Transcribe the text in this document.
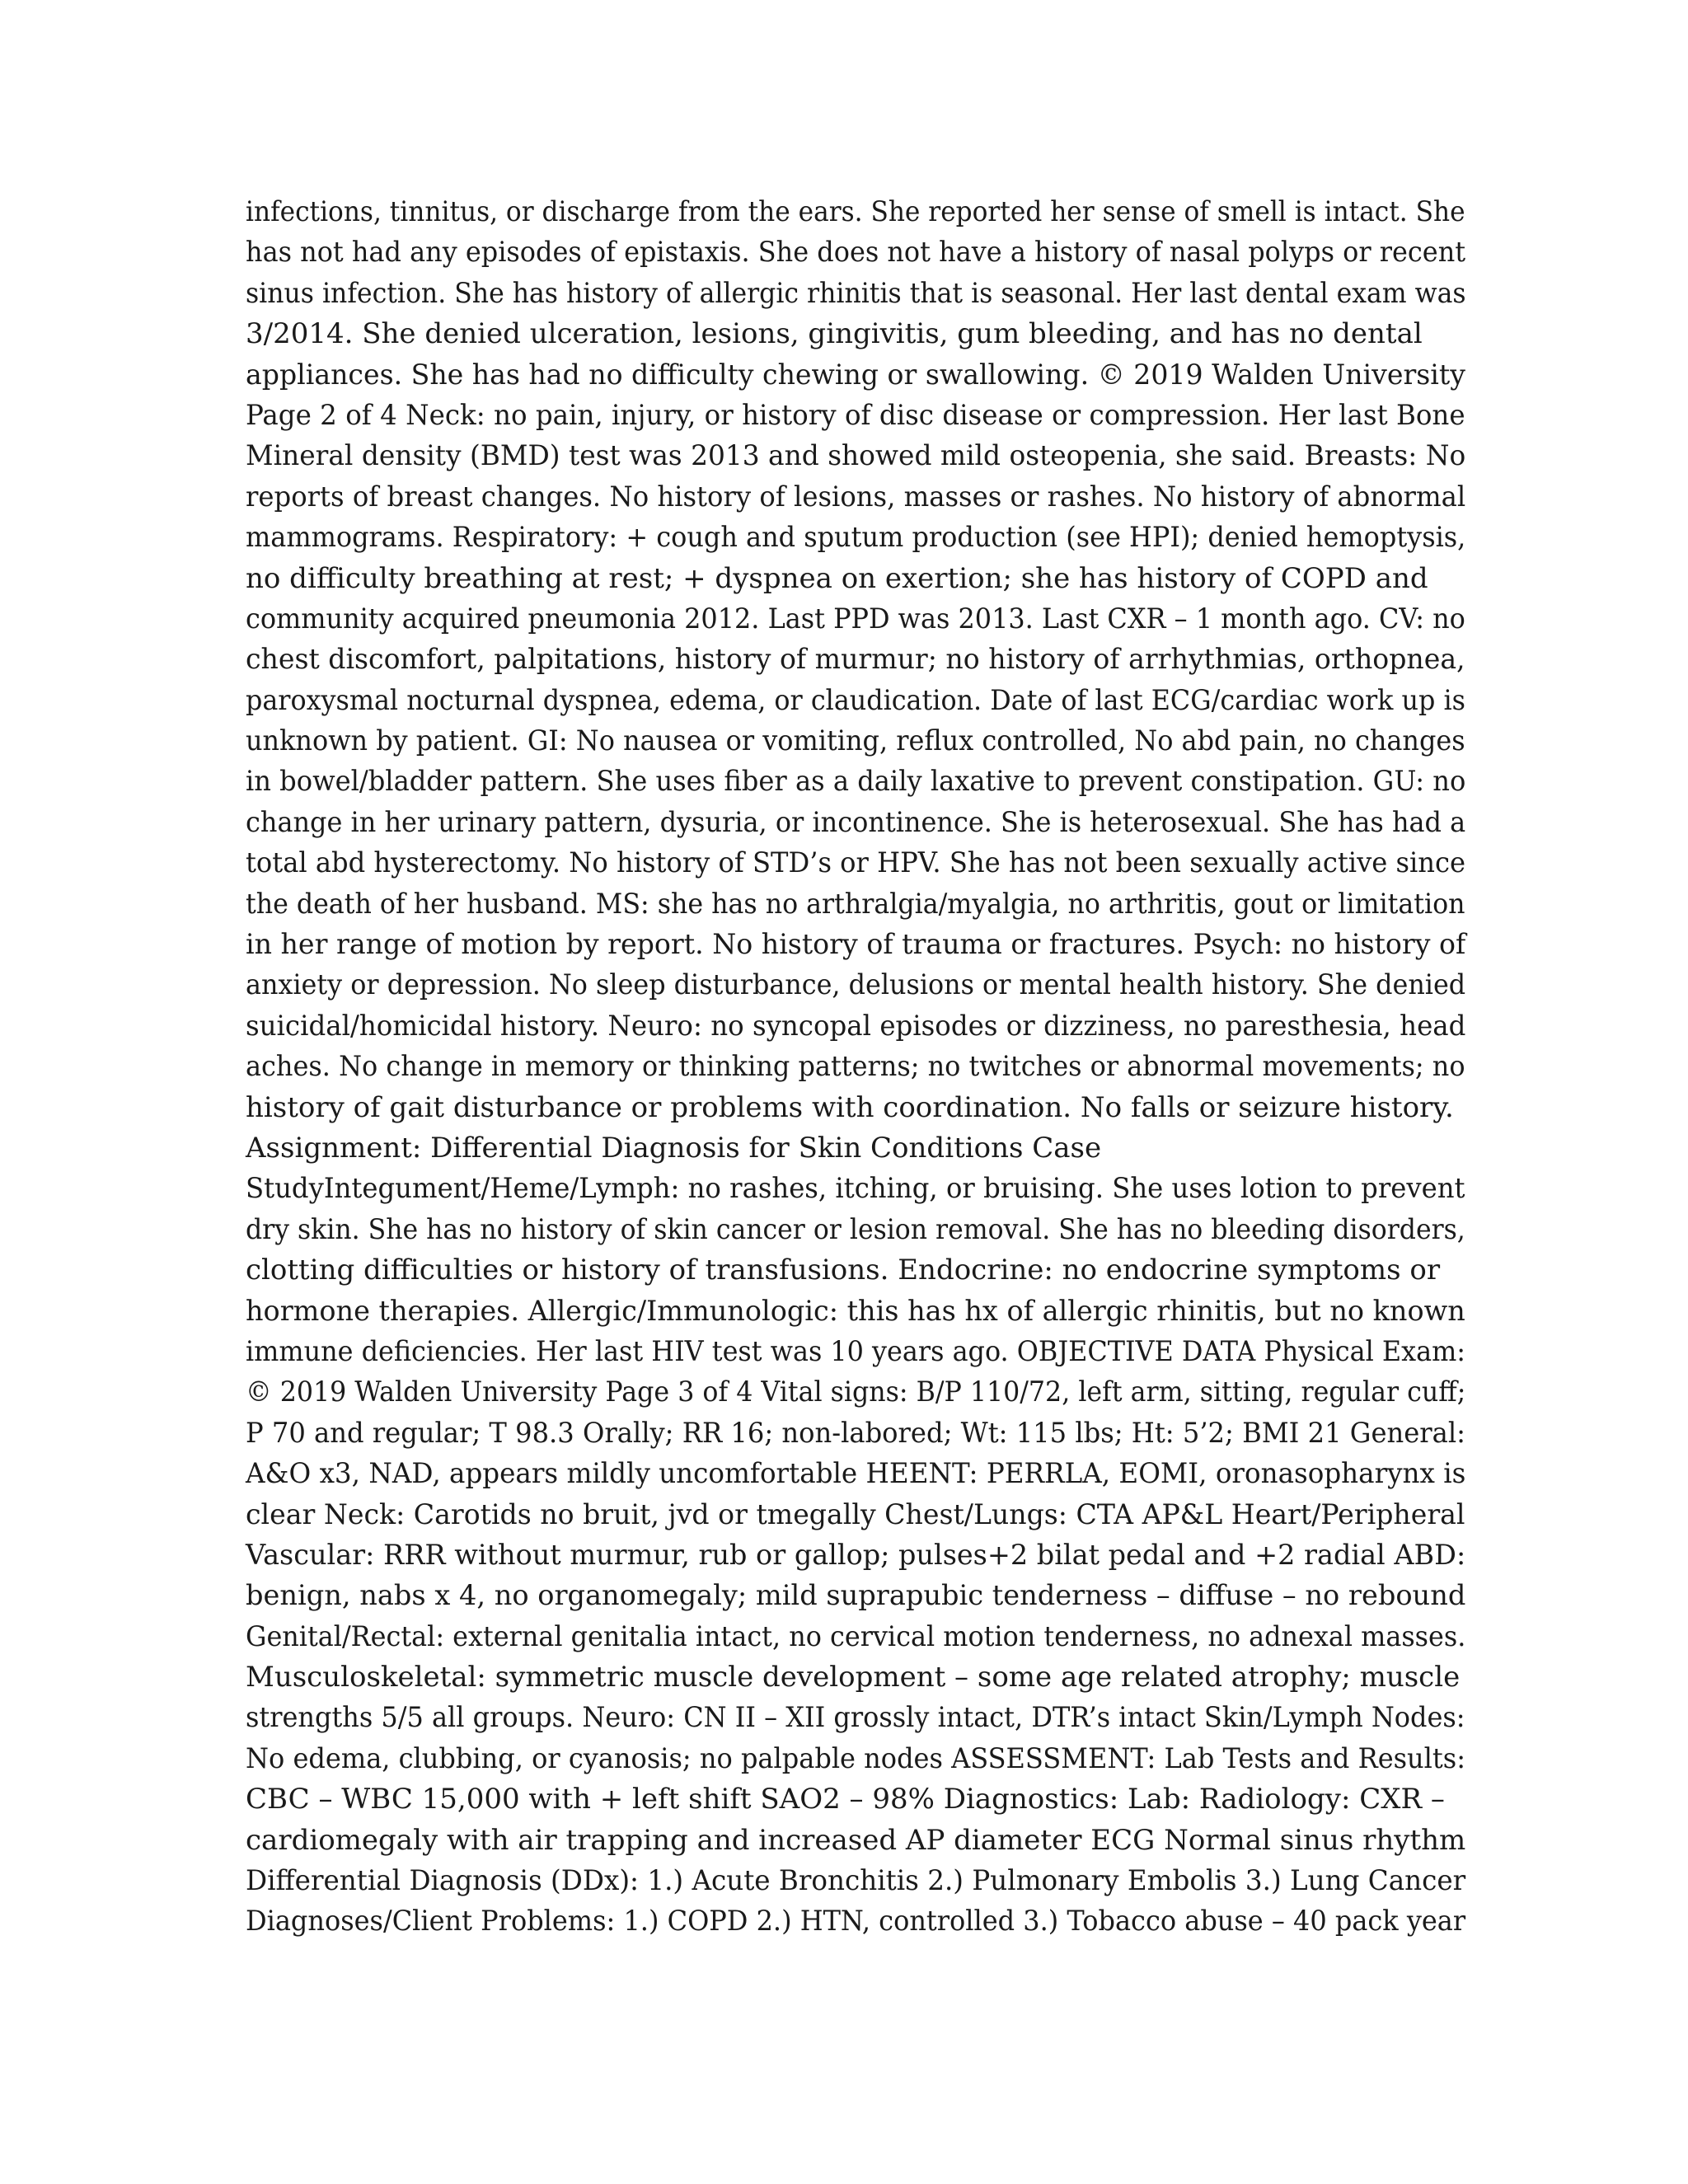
infections, tinnitus, or discharge from the ears. She reported her sense of smell is intact. She
has not had any episodes of epistaxis. She does not have a history of nasal polyps or recent
sinus infection. She has history of allergic rhinitis that is seasonal. Her last dental exam was
3/2014. She denied ulceration, lesions, gingivitis, gum bleeding, and has no dental
appliances. She has had no difficulty chewing or swallowing. © 2019 Walden University
Page 2 of 4 Neck: no pain, injury, or history of disc disease or compression. Her last Bone
Mineral density (BMD) test was 2013 and showed mild osteopenia, she said. Breasts: No
reports of breast changes. No history of lesions, masses or rashes. No history of abnormal
mammograms. Respiratory: + cough and sputum production (see HPI); denied hemoptysis,
no difficulty breathing at rest; + dyspnea on exertion; she has history of COPD and
community acquired pneumonia 2012. Last PPD was 2013. Last CXR – 1 month ago. CV: no
chest discomfort, palpitations, history of murmur; no history of arrhythmias, orthopnea,
paroxysmal nocturnal dyspnea, edema, or claudication. Date of last ECG/cardiac work up is
unknown by patient. GI: No nausea or vomiting, reflux controlled, No abd pain, no changes
in bowel/bladder pattern. She uses fiber as a daily laxative to prevent constipation. GU: no
change in her urinary pattern, dysuria, or incontinence. She is heterosexual. She has had a
total abd hysterectomy. No history of STD’s or HPV. She has not been sexually active since
the death of her husband. MS: she has no arthralgia/myalgia, no arthritis, gout or limitation
in her range of motion by report. No history of trauma or fractures. Psych: no history of
anxiety or depression. No sleep disturbance, delusions or mental health history. She denied
suicidal/homicidal history. Neuro: no syncopal episodes or dizziness, no paresthesia, head
aches. No change in memory or thinking patterns; no twitches or abnormal movements; no
history of gait disturbance or problems with coordination. No falls or seizure history.
Assignment: Differential Diagnosis for Skin Conditions Case
StudyIntegument/Heme/Lymph: no rashes, itching, or bruising. She uses lotion to prevent
dry skin. She has no history of skin cancer or lesion removal. She has no bleeding disorders,
clotting difficulties or history of transfusions. Endocrine: no endocrine symptoms or
hormone therapies. Allergic/Immunologic: this has hx of allergic rhinitis, but no known
immune deficiencies. Her last HIV test was 10 years ago. OBJECTIVE DATA Physical Exam:
© 2019 Walden University Page 3 of 4 Vital signs: B/P 110/72, left arm, sitting, regular cuff;
P 70 and regular; T 98.3 Orally; RR 16; non-labored; Wt: 115 lbs; Ht: 5’2; BMI 21 General:
A&O x3, NAD, appears mildly uncomfortable HEENT: PERRLA, EOMI, oronasopharynx is
clear Neck: Carotids no bruit, jvd or tmegally Chest/Lungs: CTA AP&L Heart/Peripheral
Vascular: RRR without murmur, rub or gallop; pulses+2 bilat pedal and +2 radial ABD:
benign, nabs x 4, no organomegaly; mild suprapubic tenderness – diffuse – no rebound
Genital/Rectal: external genitalia intact, no cervical motion tenderness, no adnexal masses.
Musculoskeletal: symmetric muscle development – some age related atrophy; muscle
strengths 5/5 all groups. Neuro: CN II – XII grossly intact, DTR’s intact Skin/Lymph Nodes:
No edema, clubbing, or cyanosis; no palpable nodes ASSESSMENT: Lab Tests and Results:
CBC – WBC 15,000 with + left shift SAO2 – 98% Diagnostics: Lab: Radiology: CXR –
cardiomegaly with air trapping and increased AP diameter ECG Normal sinus rhythm
Differential Diagnosis (DDx): 1.) Acute Bronchitis 2.) Pulmonary Embolis 3.) Lung Cancer
Diagnoses/Client Problems: 1.) COPD 2.) HTN, controlled 3.) Tobacco abuse – 40 pack year
